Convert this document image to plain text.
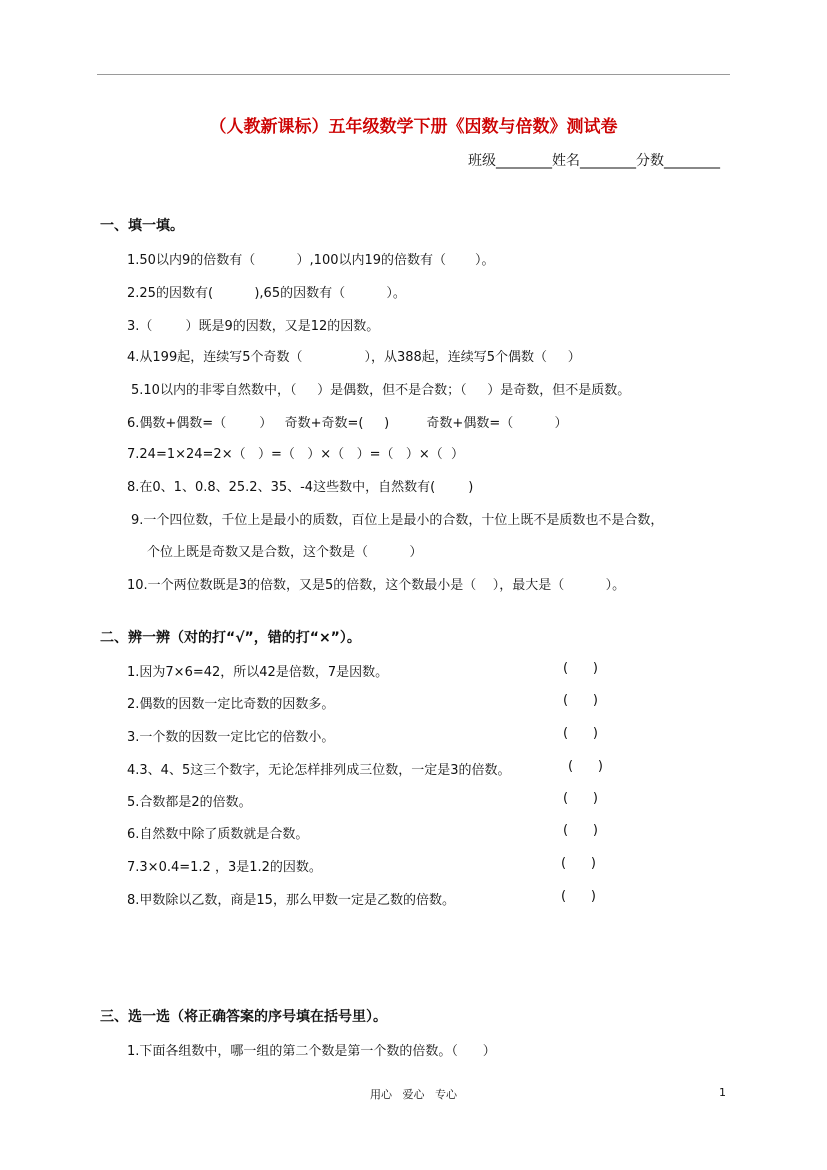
（人教新课标）五年级数学下册《因数与倍数》测试卷
班级________姓名________分数________
一、填一填。
1.50以内9的倍数有（          ）,100以内19的倍数有（       ）。
2.25的因数有(          ),65的因数有（          ）。
3.（        ）既是9的因数，又是12的因数。
4.从199起，连续写5个奇数（               ），从388起，连续写5个偶数（     ）
5.10以内的非零自然数中，（     ）是偶数，但不是合数；（     ）是奇数，但不是质数。
6.偶数+偶数=（        ）   奇数+奇数=(     )         奇数+偶数=（          ）
7.24=1×24=2×（   ）=（   ）×（   ）=（   ）×（  ）
8.在0、1、0.8、25.2、35、-4这些数中，自然数有(        )
9.一个四位数，千位上是最小的质数，百位上是最小的合数，十位上既不是质数也不是合数，
个位上既是奇数又是合数，这个数是（          ）
10.一个两位数既是3的倍数，又是5的倍数，这个数最小是（    ），最大是（          ）。
二、辨一辨（对的打“√”，错的打“×”）。
1.因为7×6=42，所以42是倍数，7是因数。	(      )
2.偶数的因数一定比奇数的因数多。	(      )
3.一个数的因数一定比它的倍数小。	(      )
4.3、4、5这三个数字，无论怎样排列成三位数，一定是3的倍数。	(      )
5.合数都是2的倍数。	(      )
6.自然数中除了质数就是合数。	(      )
7.3×0.4=1.2 ，3是1.2的因数。	(      )
8.甲数除以乙数，商是15，那么甲数一定是乙数的倍数。	(      )
三、选一选（将正确答案的序号填在括号里）。
1.下面各组数中，哪一组的第二个数是第一个数的倍数。（      ）
用心   爱心   专心	1
